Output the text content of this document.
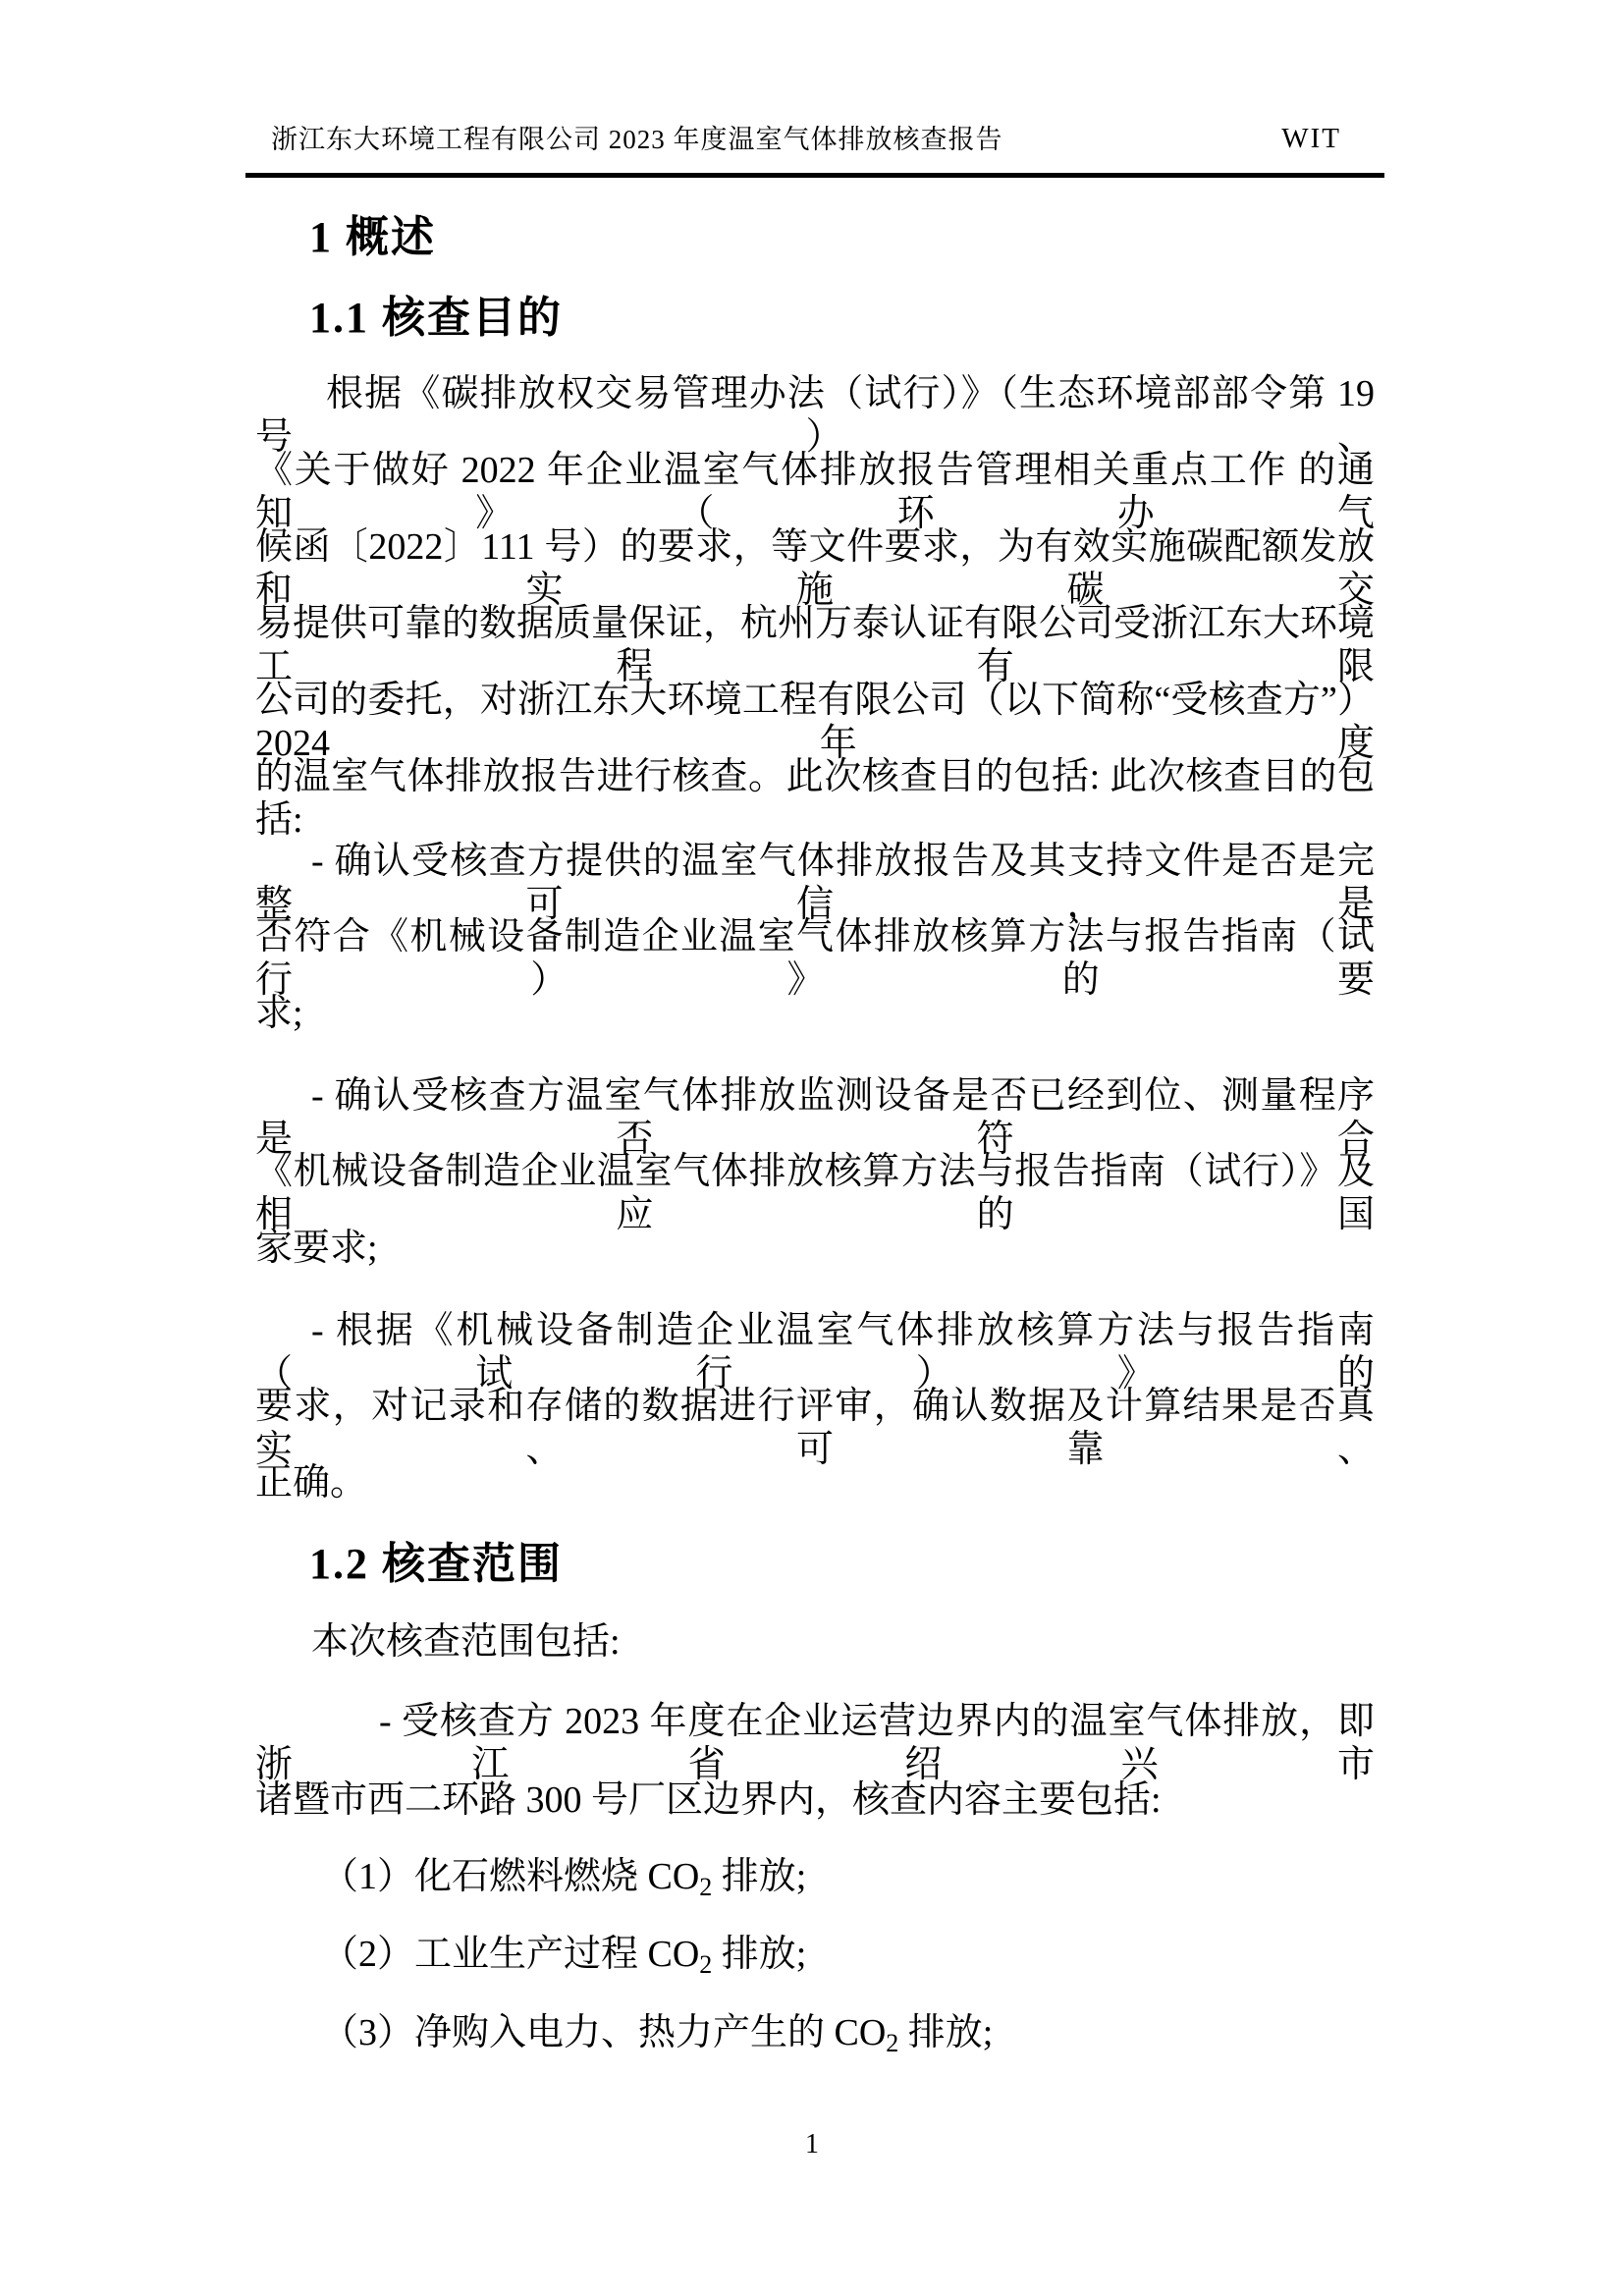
浙江东大环境工程有限公司 2023 年度温室气体排放核查报告	WIT
1 概述
1.1 核查目的
根据《碳排放权交易管理办法（试行）》（生态环境部部令第 19 号）、
《关于做好 2022 年企业温室气体排放报告管理相关重点工作 的通知》（环办气
候函〔2022〕111 号）的要求，等文件要求，为有效实施碳配额发放和实施碳交
易提供可靠的数据质量保证，杭州万泰认证有限公司受浙江东大环境工程有限
公司的委托，对浙江东大环境工程有限公司（以下简称“受核查方”）2024 年度
的温室气体排放报告进行核查。此次核查目的包括: 此次核查目的包括:
- 确认受核查方提供的温室气体排放报告及其支持文件是否是完整可信，是
否符合《机械设备制造企业温室气体排放核算方法与报告指南（试行）》的要
求;
- 确认受核查方温室气体排放监测设备是否已经到位、测量程序是否符合
《机械设备制造企业温室气体排放核算方法与报告指南（试行）》及相应的国
家要求;
- 根据《机械设备制造企业温室气体排放核算方法与报告指南（试行）》的
要求，对记录和存储的数据进行评审，确认数据及计算结果是否真实、可靠、
正确。
1.2 核查范围
本次核查范围包括:
- 受核查方 2023 年度在企业运营边界内的温室气体排放，即浙江省绍兴市
诸暨市西二环路 300 号厂区边界内，核查内容主要包括:
（1）化石燃料燃烧 CO2 排放;
（2）工业生产过程 CO2 排放;
（3）净购入电力、热力产生的 CO2 排放;
1
